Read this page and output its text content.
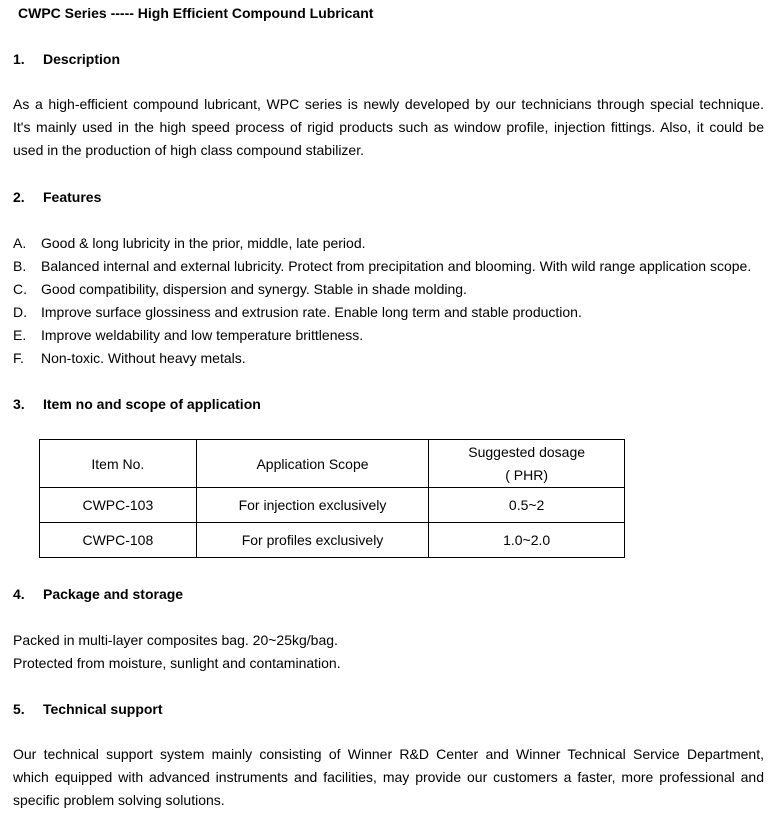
CWPC Series ----- High Efficient Compound Lubricant
1. Description
As a high-efficient compound lubricant, WPC series is newly developed by our technicians through special technique.
It's mainly used in the high speed process of rigid products such as window profile, injection fittings. Also, it could be
used in the production of high class compound stabilizer.
2. Features
A. Good & long lubricity in the prior, middle, late period.
B. Balanced internal and external lubricity. Protect from precipitation and blooming. With wild range application scope.
C. Good compatibility, dispersion and synergy. Stable in shade molding.
D. Improve surface glossiness and extrusion rate. Enable long term and stable production.
E. Improve weldability and low temperature brittleness.
F. Non-toxic. Without heavy metals.
3. Item no and scope of application
Item No.	Application Scope	Suggested dosage
( PHR)

CWPC-103	For injection exclusively	0.5~2
CWPC-108	For profiles exclusively	1.0~2.0
4. Package and storage
Packed in multi-layer composites bag. 20~25kg/bag.
Protected from moisture, sunlight and contamination.
5. Technical support
Our technical support system mainly consisting of Winner R&D Center and Winner Technical Service Department,
which equipped with advanced instruments and facilities, may provide our customers a faster, more professional and
specific problem solving solutions.
